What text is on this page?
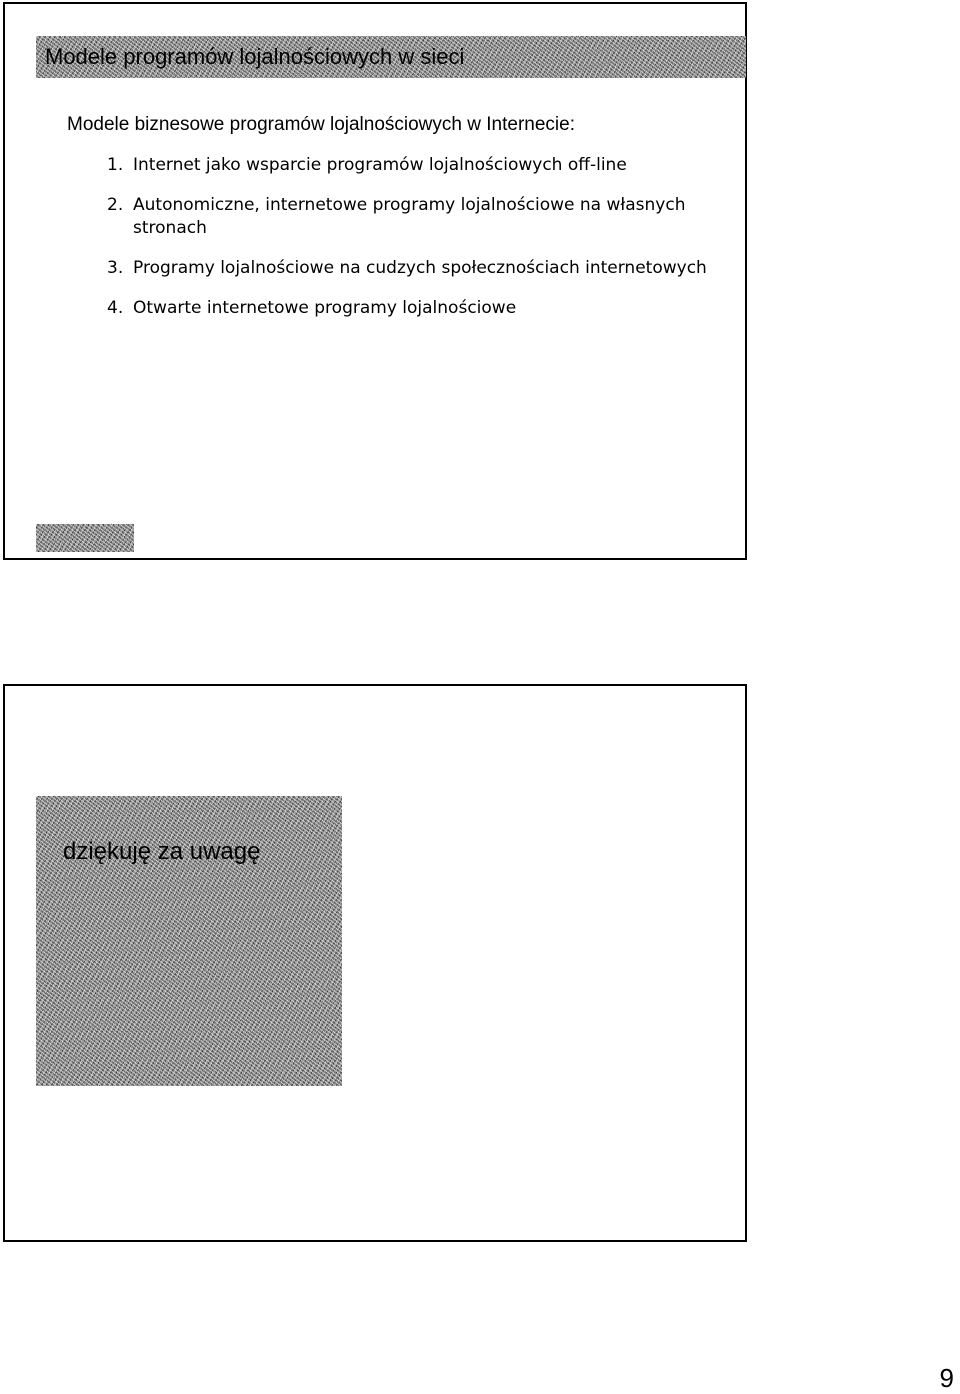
Modele programów lojalnościowych w sieci
Modele biznesowe programów lojalnościowych w Internecie:
1. Internet jako wsparcie programów lojalnościowych off-line
2. Autonomiczne, internetowe programy lojalnościowe na własnych stronach
3. Programy lojalnościowe na cudzych społecznościach internetowych
4. Otwarte internetowe programy lojalnościowe
dziękuję za uwagę
9
